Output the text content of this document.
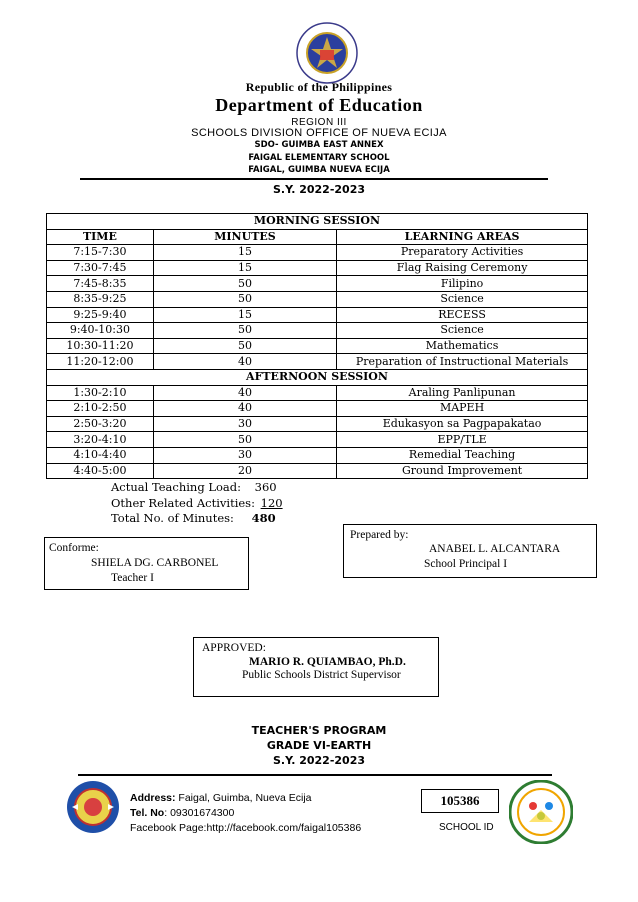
Republic of the Philippines
Department of Education
REGION III
SCHOOLS DIVISION OFFICE OF NUEVA ECIJA
SDO- GUIMBA EAST ANNEX
FAIGAL ELEMENTARY SCHOOL
FAIGAL, GUIMBA NUEVA ECIJA
S.Y. 2022-2023
MORNING SESSION		
TIME	MINUTES	LEARNING AREAS
7:15-7:30	15	Preparatory Activities
7:30-7:45	15	Flag Raising Ceremony
7:45-8:35	50	Filipino
8:35-9:25	50	Science
9:25-9:40	15	RECESS
9:40-10:30	50	Science
10:30-11:20	50	Mathematics
11:20-12:00	40	Preparation of Instructional Materials
AFTERNOON SESSION		
1:30-2:10	40	Araling Panlipunan
2:10-2:50	40	MAPEH
2:50-3:20	30	Edukasyon sa Pagpapakatao
3:20-4:10	50	EPP/TLE
4:10-4:40	30	Remedial Teaching
4:40-5:00	20	Ground Improvement
Actual Teaching Load: 360
Other Related Activities: 120
Total No. of Minutes: 480
Conforme:
SHIELA DG. CARBONEL
Teacher I
Prepared by:
ANABEL L. ALCANTARA
School Principal I
APPROVED:
MARIO R. QUIAMBAO, Ph.D.
Public Schools District Supervisor
TEACHER'S PROGRAM
GRADE VI-EARTH
S.Y. 2022-2023
Address: Faigal, Guimba, Nueva Ecija
Tel. No: 09301674300
Facebook Page:http://facebook.com/faigal105386
105386
SCHOOL ID
